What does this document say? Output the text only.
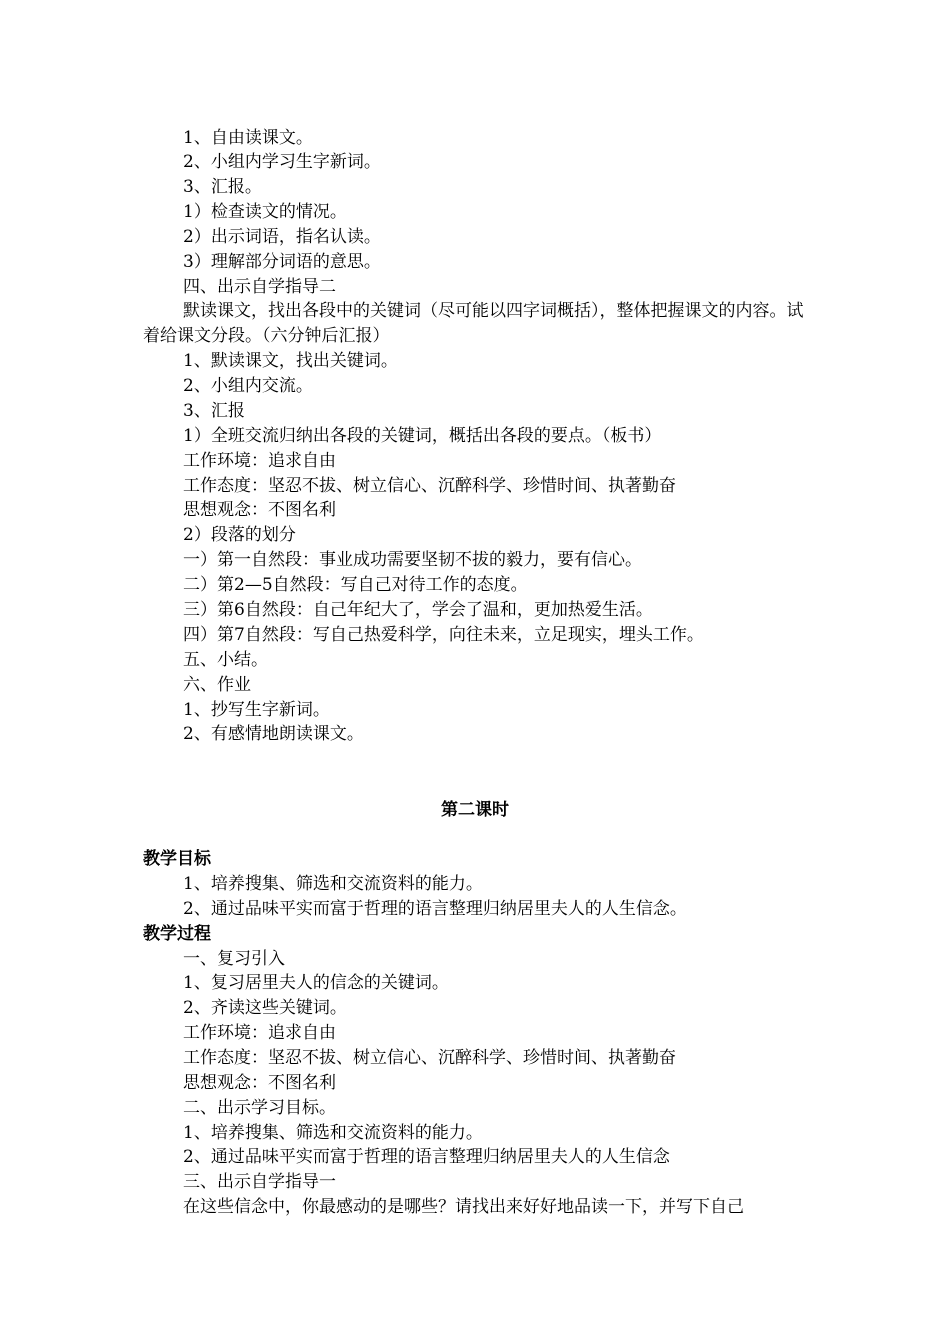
1、自由读课文。
2、小组内学习生字新词。
3、汇报。
1）检查读文的情况。
2）出示词语，指名认读。
3）理解部分词语的意思。
四、出示自学指导二
默读课文，找出各段中的关键词（尽可能以四字词概括），整体把握课文的内容。试着给课文分段。（六分钟后汇报）
1、默读课文，找出关键词。
2、小组内交流。
3、汇报
1）全班交流归纳出各段的关键词，概括出各段的要点。（板书）
工作环境：追求自由
工作态度：坚忍不拔、树立信心、沉醉科学、珍惜时间、执著勤奋
思想观念：不图名利
2）段落的划分
一）第一自然段：事业成功需要坚韧不拔的毅力，要有信心。
二）第2—5自然段：写自己对待工作的态度。
三）第6自然段：自己年纪大了，学会了温和，更加热爱生活。
四）第7自然段：写自己热爱科学，向往未来，立足现实，埋头工作。
五、小结。
六、作业
1、抄写生字新词。
2、有感情地朗读课文。
第二课时
教学目标
1、培养搜集、筛选和交流资料的能力。
2、通过品味平实而富于哲理的语言整理归纳居里夫人的人生信念。
教学过程
一、复习引入
1、复习居里夫人的信念的关键词。
2、齐读这些关键词。
工作环境：追求自由
工作态度：坚忍不拔、树立信心、沉醉科学、珍惜时间、执著勤奋
思想观念：不图名利
二、出示学习目标。
1、培养搜集、筛选和交流资料的能力。
2、通过品味平实而富于哲理的语言整理归纳居里夫人的人生信念
三、出示自学指导一
在这些信念中，你最感动的是哪些？请找出来好好地品读一下，并写下自己
